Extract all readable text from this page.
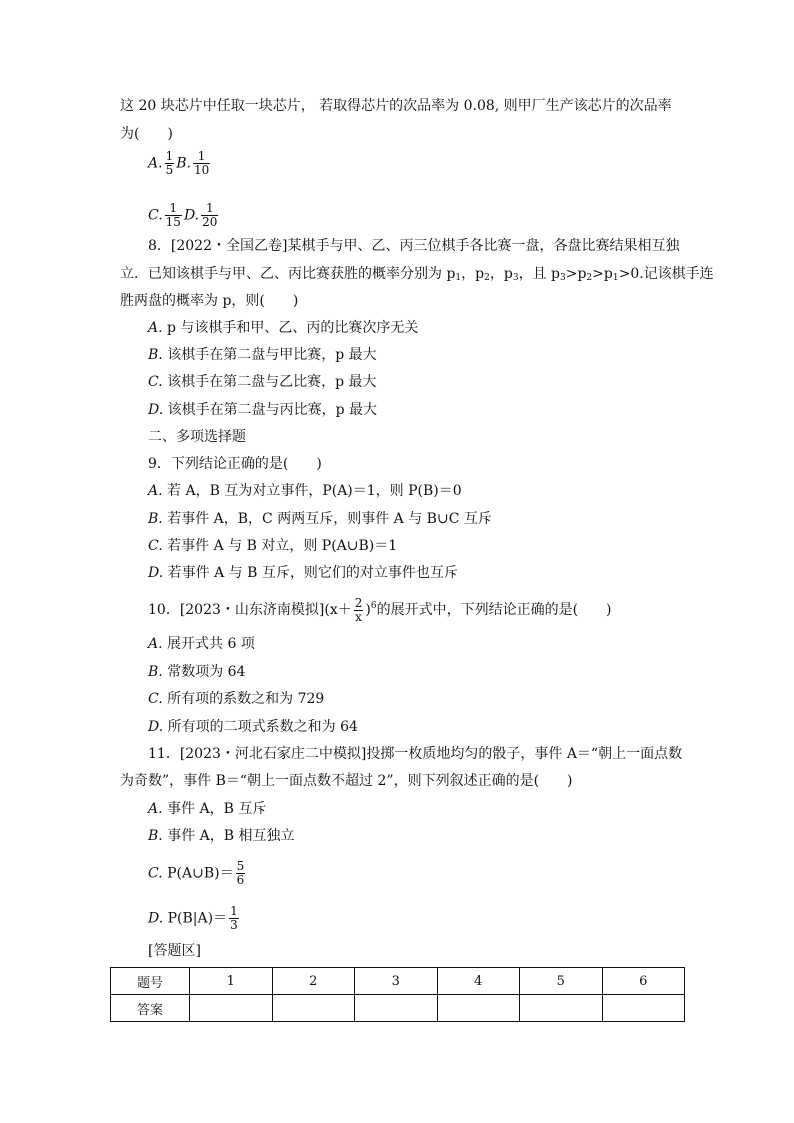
这 20 块芯片中任取一块芯片， 若取得芯片的次品率为 0.08, 则甲厂生产该芯片的次品率
为(　　)
A. $\frac{1}{5} B$. $\frac{1}{10}$
C. $\frac{1}{15} D$. $\frac{1}{20}$
8．[2022・全国乙卷]某棋手与甲、乙、丙三位棋手各比赛一盘，各盘比赛结果相互独
立．已知该棋手与甲、乙、丙比赛获胜的概率分别为 $p_1$，$p_2$，$p_3$，且 $p_3>p_2>p_1>0$.记该棋手连
胜两盘的概率为 p，则(　　)
A. p 与该棋手和甲、乙、丙的比赛次序无关
B. 该棋手在第二盘与甲比赛，p 最大
C. 该棋手在第二盘与乙比赛，p 最大
D. 该棋手在第二盘与丙比赛，p 最大
二、多项选择题
9．下列结论正确的是(　　)
A. 若 A，B 互为对立事件，P(A)＝1，则 P(B)＝0
B. 若事件 A，B，C 两两互斥，则事件 A 与 B∪C 互斥
C. 若事件 A 与 B 对立，则 P(A∪B)＝1
D. 若事件 A 与 B 互斥，则它们的对立事件也互斥
10．[2023・山东济南模拟]$(x+ \frac{2}{x} )^6$的展开式中，下列结论正确的是(　　)
A. 展开式共 6 项
B. 常数项为 64
C. 所有项的系数之和为 729
D. 所有项的二项式系数之和为 64
11．[2023・河北石家庄二中模拟]投掷一枚质地均匀的骰子，事件 A＝“朝上一面点数
为奇数”，事件 B＝“朝上一面点数不超过 2”，则下列叙述正确的是(　　)
A. 事件 A，B 互斥
B. 事件 A，B 相互独立
C. P(A∪B)＝ $\frac{5}{6}$
D. $P(B|A)= \frac{1}{3}$
[答题区]
题号	1	2	3	4	5	6
答案						
